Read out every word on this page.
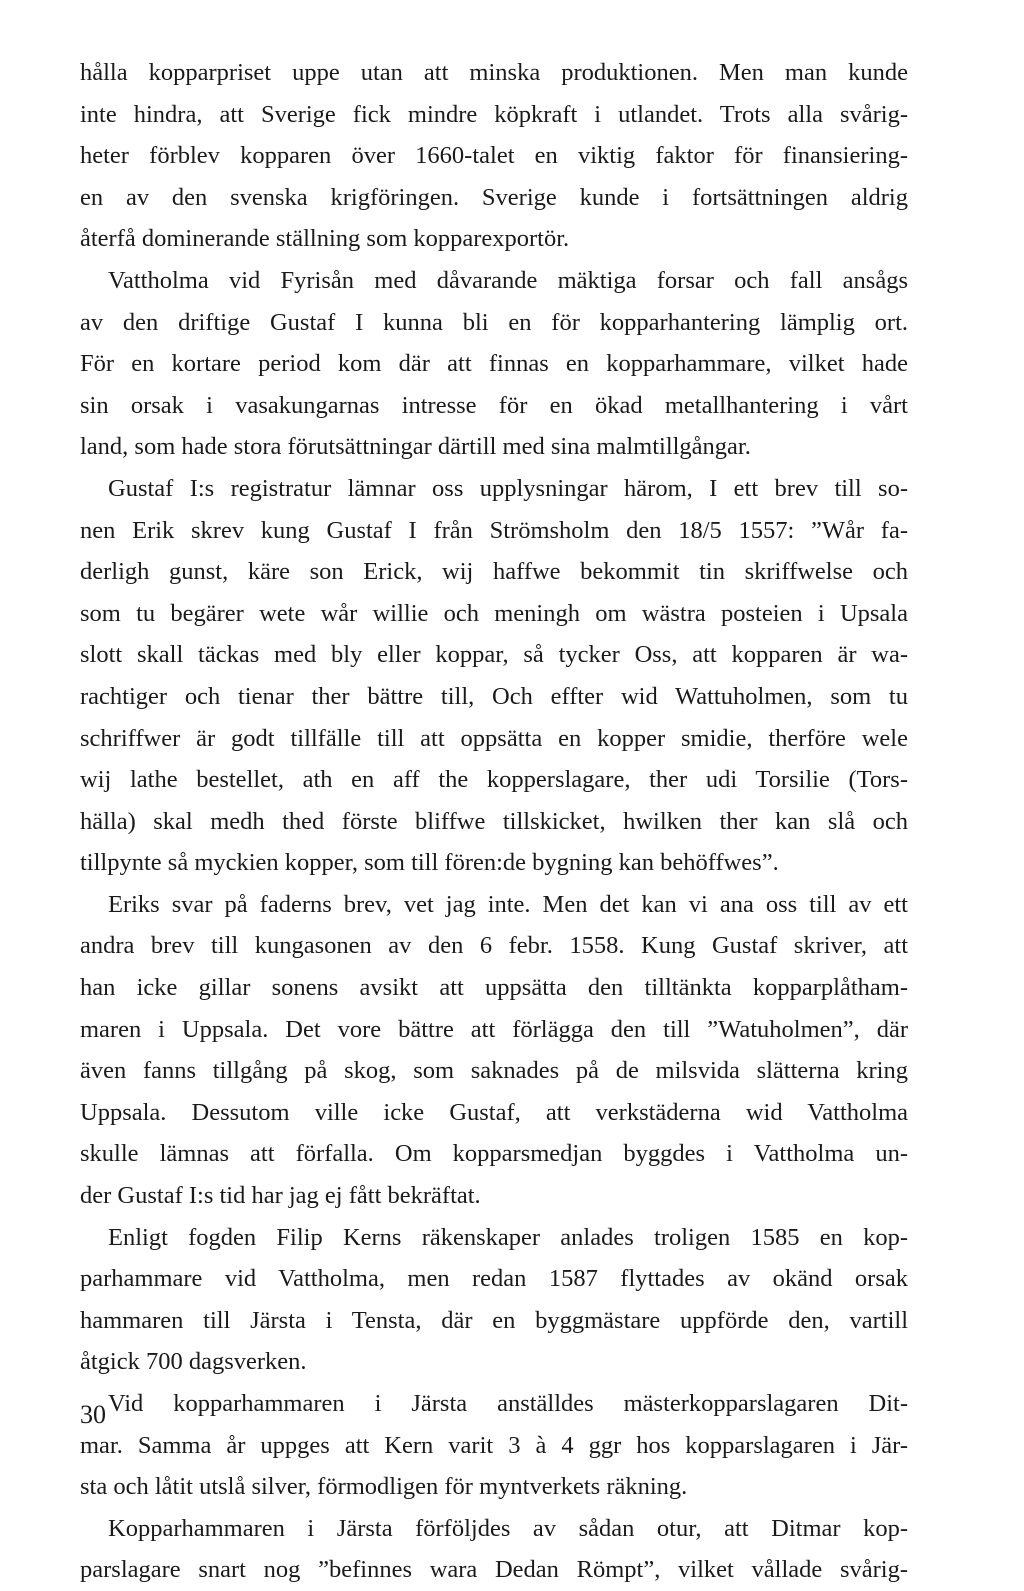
hålla kopparpriset uppe utan att minska produktionen. Men man kunde
inte hindra, att Sverige fick mindre köpkraft i utlandet. Trots alla svårig-
heter förblev kopparen över 1660-talet en viktig faktor för finansiering-
en av den svenska krigföringen. Sverige kunde i fortsättningen aldrig
återfå dominerande ställning som kopparexportör.
Vattholma vid Fyrisån med dåvarande mäktiga forsar och fall ansågs
av den driftige Gustaf I kunna bli en för kopparhantering lämplig ort.
För en kortare period kom där att finnas en kopparhammare, vilket hade
sin orsak i vasakungarnas intresse för en ökad metallhantering i vårt
land, som hade stora förutsättningar därtill med sina malmtillgångar.
Gustaf I:s registratur lämnar oss upplysningar härom, I ett brev till so-
nen Erik skrev kung Gustaf I från Strömsholm den 18/5 1557: ”Wår fa-
derligh gunst, käre son Erick, wij haffwe bekommit tin skriffwelse och
som tu begärer wete wår willie och meningh om wästra posteien i Upsala
slott skall täckas med bly eller koppar, så tycker Oss, att kopparen är wa-
rachtiger och tienar ther bättre till, Och effter wid Wattuholmen, som tu
schriffwer är godt tillfälle till att oppsätta en kopper smidie, therföre wele
wij lathe bestellet, ath en aff the kopperslagare, ther udi Torsilie (Tors-
hälla) skal medh thed förste bliffwe tillskicket, hwilken ther kan slå och
tillpynte så myckien kopper, som till fören:de bygning kan behöffwes”.
Eriks svar på faderns brev, vet jag inte. Men det kan vi ana oss till av ett
andra brev till kungasonen av den 6 febr. 1558. Kung Gustaf skriver, att
han icke gillar sonens avsikt att uppsätta den tilltänkta kopparplåtham-
maren i Uppsala. Det vore bättre att förlägga den till ”Watuholmen”, där
även fanns tillgång på skog, som saknades på de milsvida slätterna kring
Uppsala. Dessutom ville icke Gustaf, att verkstäderna wid Vattholma
skulle lämnas att förfalla. Om kopparsmedjan byggdes i Vattholma un-
der Gustaf I:s tid har jag ej fått bekräftat.
Enligt fogden Filip Kerns räkenskaper anlades troligen 1585 en kop-
parhammare vid Vattholma, men redan 1587 flyttades av okänd orsak
hammaren till Järsta i Tensta, där en byggmästare uppförde den, vartill
åtgick 700 dagsverken.
Vid kopparhammaren i Järsta anställdes mästerkopparslagaren Dit-
mar. Samma år uppges att Kern varit 3 à 4 ggr hos kopparslagaren i Jär-
sta och låtit utslå silver, förmodligen för myntverkets räkning.
Kopparhammaren i Järsta förföljdes av sådan otur, att Ditmar kop-
parslagare snart nog ”befinnes wara Dedan Römpt”, vilket vållade svårig-
30
